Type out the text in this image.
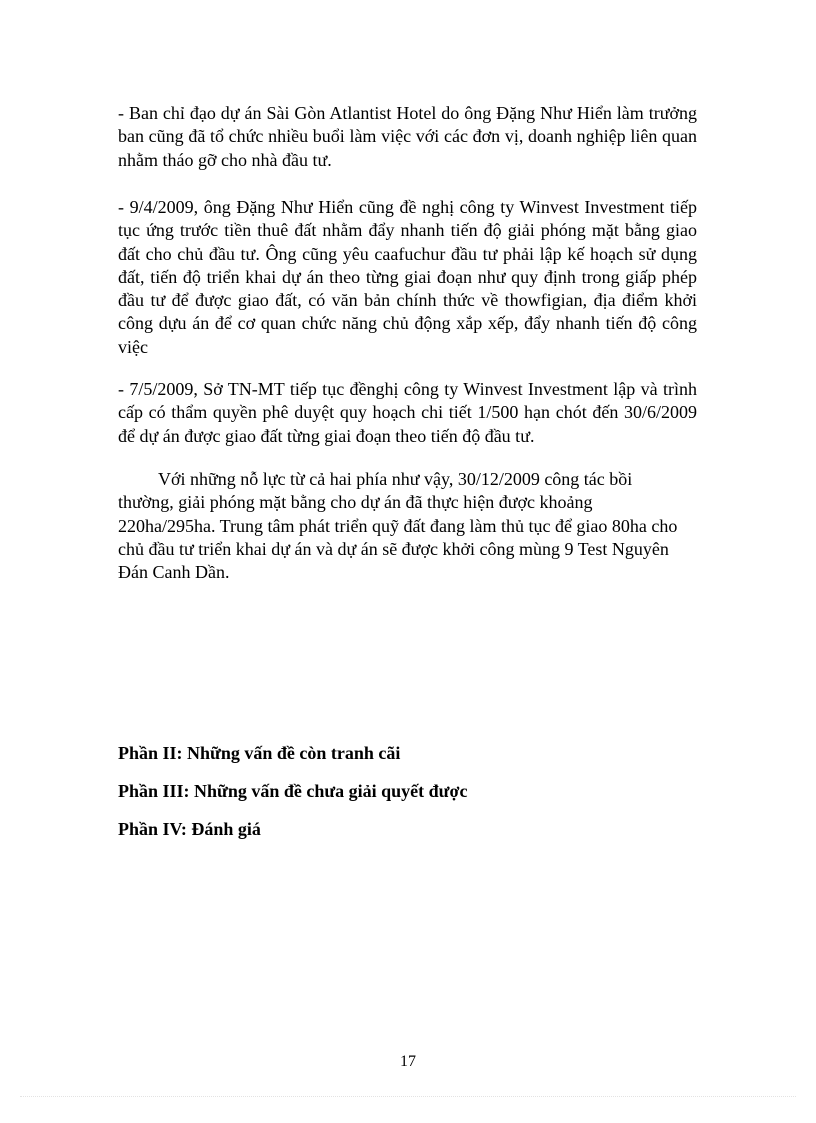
- Ban chỉ đạo dự án Sài Gòn Atlantist Hotel do ông Đặng Như Hiển làm trưởng ban cũng đã tổ chức nhiều buổi làm việc với các đơn vị, doanh nghiệp liên quan nhằm tháo gỡ cho nhà đầu tư.

- 9/4/2009, ông Đặng Như Hiển cũng đề nghị công ty Winvest Investment tiếp tục ứng trước tiền thuê đất nhằm đẩy nhanh tiến độ giải phóng mặt bằng giao đất cho chủ đầu tư. Ông cũng yêu caafuchur đầu tư phải lập kế hoạch sử dụng đất, tiến độ triển khai dự án theo từng giai đoạn như quy định trong giấp phép đầu tư để được giao đất, có văn bản chính thức về thowfigian, địa điểm khởi công dựu án để cơ quan chức năng chủ động xắp xếp, đẩy nhanh tiến độ công việc

- 7/5/2009, Sở TN-MT tiếp tục đềnghị công ty Winvest Investment lập và trình cấp có thẩm quyền phê duyệt quy hoạch chi tiết 1/500 hạn chót đến 30/6/2009 để dự án được giao đất từng giai đoạn theo tiến độ đầu tư.

Với những nỗ lực từ cả hai phía như vậy, 30/12/2009 công tác bồi thường, giải phóng mặt bằng cho dự án đã thực hiện được khoảng 220ha/295ha. Trung tâm phát triển quỹ đất đang làm thủ tục để giao 80ha cho chủ đầu tư triển khai dự án và dự án sẽ được khởi công mùng 9 Test Nguyên Đán Canh Dần.

Phần II: Những vấn đề còn tranh cãi

Phần III: Những vấn đề chưa giải quyết được

Phần IV: Đánh giá

17
